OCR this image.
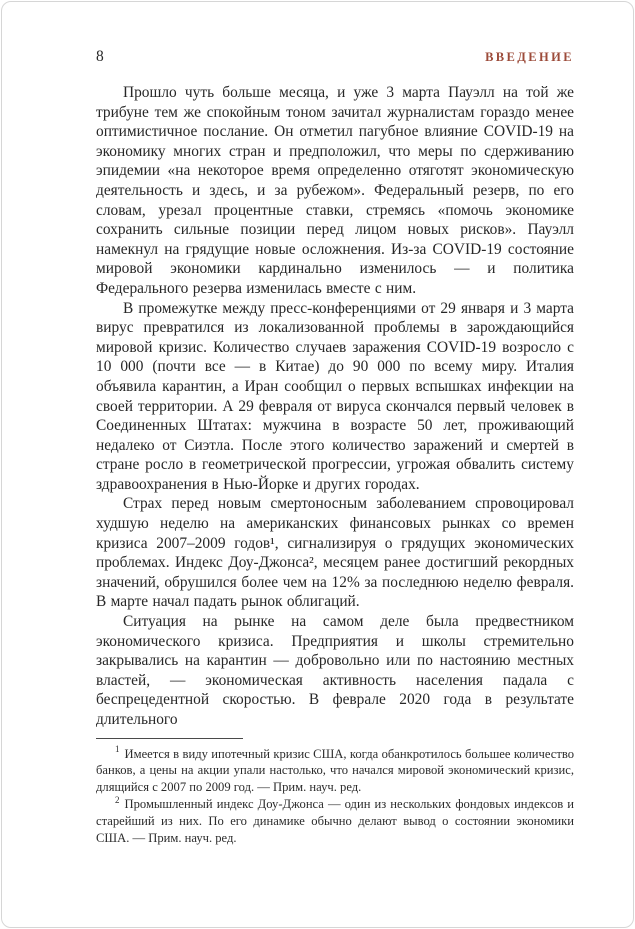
8	ВВЕДЕНИЕ

Прошло чуть больше месяца, и уже 3 марта Пауэлл на той же трибуне тем же спокойным тоном зачитал журналистам гораздо менее оптимистичное послание. Он отметил пагубное влияние COVID-19 на экономику многих стран и предположил, что меры по сдерживанию эпидемии «на некоторое время определенно отяготят экономическую деятельность и здесь, и за рубежом». Федеральный резерв, по его словам, урезал процентные ставки, стремясь «помочь экономике сохранить сильные позиции перед лицом новых рисков». Пауэлл намекнул на грядущие новые осложнения. Из-за COVID-19 состояние мировой экономики кардинально изменилось — и политика Федерального резерва изменилась вместе с ним.

В промежутке между пресс-конференциями от 29 января и 3 марта вирус превратился из локализованной проблемы в зарождающийся мировой кризис. Количество случаев заражения COVID-19 возросло с 10 000 (почти все — в Китае) до 90 000 по всему миру. Италия объявила карантин, а Иран сообщил о первых вспышках инфекции на своей территории. А 29 февраля от вируса скончался первый человек в Соединенных Штатах: мужчина в возрасте 50 лет, проживающий недалеко от Сиэтла. После этого количество заражений и смертей в стране росло в геометрической прогрессии, угрожая обвалить систему здравоохранения в Нью-Йорке и других городах.

Страх перед новым смертоносным заболеванием спровоцировал худшую неделю на американских финансовых рынках со времен кризиса 2007–2009 годов¹, сигнализируя о грядущих экономических проблемах. Индекс Доу-Джонса², месяцем ранее достигший рекордных значений, обрушился более чем на 12% за последнюю неделю февраля. В марте начал падать рынок облигаций.

Ситуация на рынке на самом деле была предвестником экономического кризиса. Предприятия и школы стремительно закрывались на карантин — добровольно или по настоянию местных властей, — экономическая активность населения падала с беспрецедентной скоростью. В феврале 2020 года в результате длительного

$^1$ Имеется в виду ипотечный кризис США, когда обанкротилось большее количество банков, а цены на акции упали настолько, что начался мировой экономический кризис, длящийся с 2007 по 2009 год. — Прим. науч. ред.

$^2$ Промышленный индекс Доу-Джонса — один из нескольких фондовых индексов и старейший из них. По его динамике обычно делают вывод о состоянии экономики США. — Прим. науч. ред.
